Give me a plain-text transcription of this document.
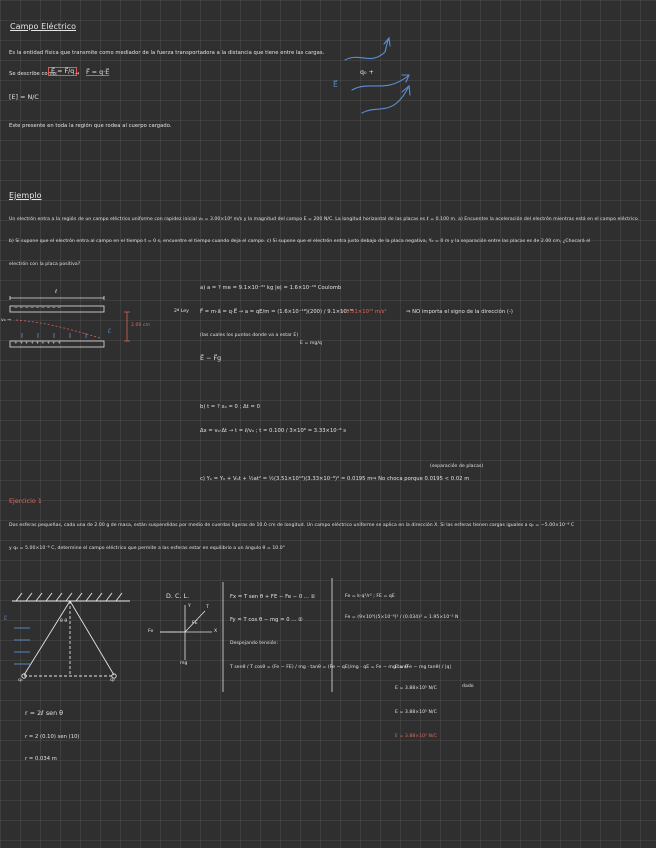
Campo Eléctrico
Es la entidad física que transmite como mediador de la fuerza transportadora a la distancia que tiene entre las cargas.
Se describe como:
E⃗ = F⃗/q → F⃗ = q·E⃗
[E] = N/C
Este presente en toda la región que rodea al cuerpo cargado.
E⃗
q₀ +
Ejemplo
Un electrón entra a la región de un campo eléctrico uniforme con rapidez inicial v₀ = 3.00×10⁶ m/s y la magnitud del campo E = 200 N/C. La longitud horizontal de las placas es ℓ = 0.100 m. a) Encuentre la aceleración del electrón mientras está en el campo eléctrico.
b) Si supone que el electrón entra al campo en el tiempo t = 0 s, encuentre el tiempo cuando deja el campo. c) Si supone que el electrón entra justo debajo de la placa negativa, Y₀ = 0 m y la separación entre las placas es de 2.00 cm, ¿Chocará el
electrón con la placa positiva?
ℓ
− − − − − − − − −
+ + + + + + + + +
v₀ →
E⃗
2.00 cm
a) a = ? me = 9.1×10⁻³¹ kg |e| = 1.6×10⁻¹⁹ Coulomb
2ª Ley F⃗ = m·a⃗ = q·E⃗ → a = qE/m = (1.6×10⁻¹⁹)(200) / 9.1×10⁻³¹
= 3.51×10¹³ m/s²	⇒ NO importa el signo de la dirección (-)
(las cuales los puntos donde va a estar E)
E = mg/q
E⃗ − F⃗g
b) t = ? x₀ = 0 ; Δt = 0
Δx = v₀·Δt → t = ℓ/v₀ ; t = 0.100 / 3×10⁶ = 3.33×10⁻⁸ s
(separación de placas)
c) Y₁ = Y₀ + V₀t + ½at² = ½(3.51×10¹³)(3.33×10⁻⁸)² = 0.0195 m ⇒ No choca porque 0.0195 < 0.02 m
Ejercicio 1
Dos esferas pequeñas, cada una de 2.00 g de masa, están suspendidas por medio de cuerdas ligeras de 10.0 cm de longitud. Un campo eléctrico uniforme se aplica en la dirección X. Si las esferas tienen cargas iguales a q₁ = −5.00×10⁻⁸ C
y q₂ = 5.00×10⁻⁸ C, determine el campo eléctrico que permite a las esferas estar en equilibrio a un ángulo θ = 10.0°
E⃗	θ θ
q₁	q₂
D. C. L.
Y	T
Fe	X
FE
mg
Fx = T sen θ + FE − Fe − 0 ... ①	Fe = k·q²/r² ; FE = qE
Fy = T cos θ − mg = 0 ... ②	Fe = (9×10⁹)(5×10⁻⁸)² / (0.034)² = 1.95×10⁻² N
Despejando tensión:
T senθ / T cosθ = (Fe − FE) / mg · tanθ = (Fe − qE)/mg · qE = Fe − mg tanθ
E = (Fe − mg tanθ) / |q|
E = 3.88×10⁵ N/C	dado
E = 3.88×10⁵ N/C
E = 3.88×10⁵ N/C
r = 2ℓ sen θ
r = 2 (0.10) sen (10)
r = 0.034 m
